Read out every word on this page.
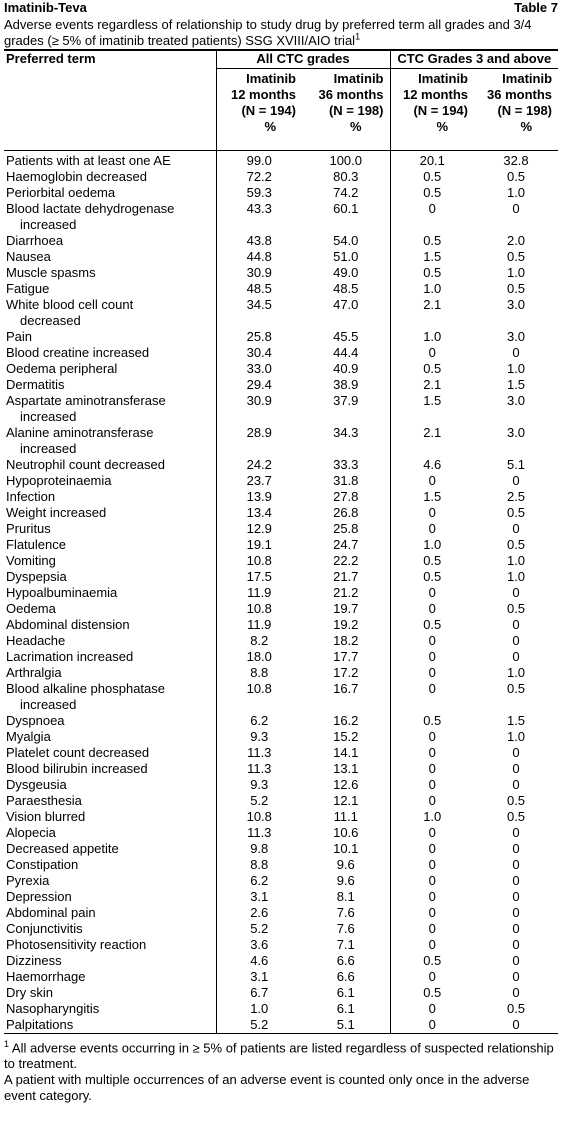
Imatinib-Teva	Table 7
Adverse events regardless of relationship to study drug by preferred term all grades and 3/4 grades (≥ 5% of imatinib treated patients) SSG XVIII/AIO trial$^1$
Preferred term	All CTC grades		CTC Grades 3 and above	
	Imatinib
12 months
(N = 194)
%	Imatinib
36 months
(N = 198)
%	Imatinib
12 months
(N = 194)
%	Imatinib
36 months
(N = 198)
%
Patients with at least one AE	99.0	100.0	20.1	32.8
Haemoglobin decreased	72.2	80.3	0.5	0.5
Periorbital oedema	59.3	74.2	0.5	1.0
Blood lactate dehydrogenase
increased	43.3	60.1	0	0
Diarrhoea	43.8	54.0	0.5	2.0
Nausea	44.8	51.0	1.5	0.5
Muscle spasms	30.9	49.0	0.5	1.0
Fatigue	48.5	48.5	1.0	0.5
White blood cell count
decreased	34.5	47.0	2.1	3.0
Pain	25.8	45.5	1.0	3.0
Blood creatine increased	30.4	44.4	0	0
Oedema peripheral	33.0	40.9	0.5	1.0
Dermatitis	29.4	38.9	2.1	1.5
Aspartate aminotransferase
increased	30.9	37.9	1.5	3.0
Alanine aminotransferase
increased	28.9	34.3	2.1	3.0
Neutrophil count decreased	24.2	33.3	4.6	5.1
Hypoproteinaemia	23.7	31.8	0	0
Infection	13.9	27.8	1.5	2.5
Weight increased	13.4	26.8	0	0.5
Pruritus	12.9	25.8	0	0
Flatulence	19.1	24.7	1.0	0.5
Vomiting	10.8	22.2	0.5	1.0
Dyspepsia	17.5	21.7	0.5	1.0
Hypoalbuminaemia	11.9	21.2	0	0
Oedema	10.8	19.7	0	0.5
Abdominal distension	11.9	19.2	0.5	0
Headache	8.2	18.2	0	0
Lacrimation increased	18.0	17.7	0	0
Arthralgia	8.8	17.2	0	1.0
Blood alkaline phosphatase
increased	10.8	16.7	0	0.5
Dyspnoea	6.2	16.2	0.5	1.5
Myalgia	9.3	15.2	0	1.0
Platelet count decreased	11.3	14.1	0	0
Blood bilirubin increased	11.3	13.1	0	0
Dysgeusia	9.3	12.6	0	0
Paraesthesia	5.2	12.1	0	0.5
Vision blurred	10.8	11.1	1.0	0.5
Alopecia	11.3	10.6	0	0
Decreased appetite	9.8	10.1	0	0
Constipation	8.8	9.6	0	0
Pyrexia	6.2	9.6	0	0
Depression	3.1	8.1	0	0
Abdominal pain	2.6	7.6	0	0
Conjunctivitis	5.2	7.6	0	0
Photosensitivity reaction	3.6	7.1	0	0
Dizziness	4.6	6.6	0.5	0
Haemorrhage	3.1	6.6	0	0
Dry skin	6.7	6.1	0.5	0
Nasopharyngitis	1.0	6.1	0	0.5
Palpitations	5.2	5.1	0	0

$^1$ All adverse events occurring in ≥ 5% of patients are listed regardless of suspected relationship to treatment.

A patient with multiple occurrences of an adverse event is counted only once in the adverse event category.
